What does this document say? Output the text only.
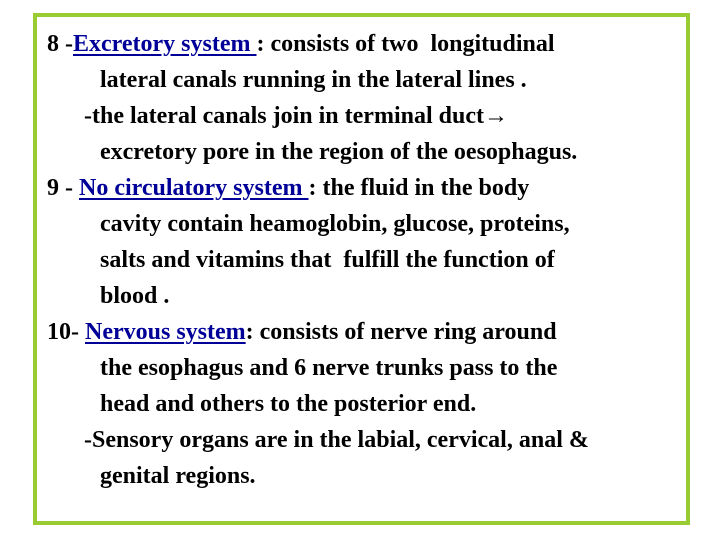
8 -Excretory system : consists of two  longitudinal
lateral canals running in the lateral lines .
-the lateral canals join in terminal duct→
excretory pore in the region of the oesophagus.
9 - No circulatory system : the fluid in the body
cavity contain heamoglobin, glucose, proteins,
salts and vitamins that  fulfill the function of
blood .
10- Nervous system: consists of nerve ring around
the esophagus and 6 nerve trunks pass to the
head and others to the posterior end.
-Sensory organs are in the labial, cervical, anal &
genital regions.
